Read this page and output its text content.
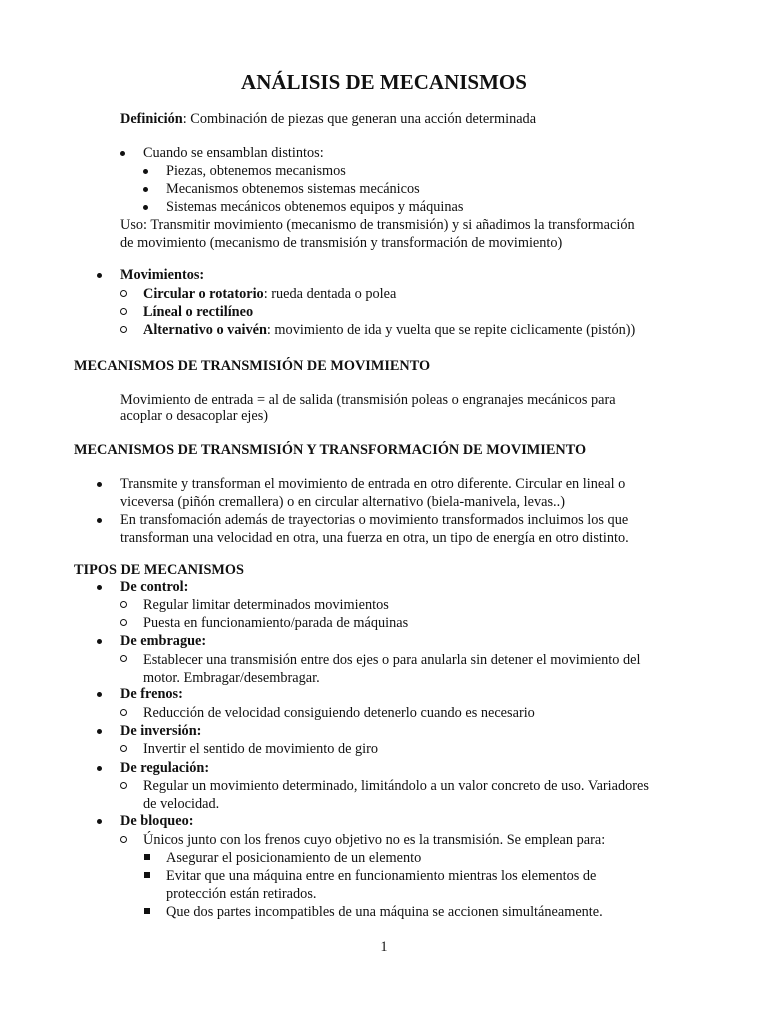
ANÁLISIS DE MECANISMOS
Definición: Combinación de piezas que generan una acción determinada
Cuando se ensamblan distintos:
Piezas, obtenemos mecanismos
Mecanismos obtenemos sistemas mecánicos
Sistemas mecánicos obtenemos equipos y máquinas
Uso: Transmitir movimiento (mecanismo de transmisión) y si añadimos la transformación
de movimiento (mecanismo de transmisión y transformación de movimiento)
Movimientos:
Circular o rotatorio: rueda dentada o polea
Líneal o rectilíneo
Alternativo o vaivén: movimiento de ida y vuelta que se repite ciclicamente (pistón))
MECANISMOS DE TRANSMISIÓN DE MOVIMIENTO
Movimiento de entrada = al de salida (transmisión poleas o engranajes mecánicos para
acoplar o desacoplar ejes)
MECANISMOS DE TRANSMISIÓN Y TRANSFORMACIÓN DE MOVIMIENTO
Transmite y transforman el movimiento de entrada en otro diferente. Circular en lineal o
viceversa (piñón cremallera) o en circular alternativo (biela-manivela, levas..)
En transfomación además de trayectorias o movimiento transformados incluimos los que
transforman una velocidad en otra, una fuerza en otra, un tipo de energía en otro distinto.
TIPOS DE MECANISMOS
De control:
Regular limitar determinados movimientos
Puesta en funcionamiento/parada de máquinas
De embrague:
Establecer una transmisión entre dos ejes o para anularla sin detener el movimiento del
motor. Embragar/desembragar.
De frenos:
Reducción de velocidad consiguiendo detenerlo cuando es necesario
De inversión:
Invertir el sentido de movimiento de giro
De regulación:
Regular un movimiento determinado, limitándolo a un valor concreto de uso. Variadores
de velocidad.
De bloqueo:
Únicos junto con los frenos cuyo objetivo no es la transmisión. Se emplean para:
Asegurar el posicionamiento de un elemento
Evitar que una máquina entre en funcionamiento mientras los elementos de
protección están retirados.
Que dos partes incompatibles de una máquina se accionen simultáneamente.
1
